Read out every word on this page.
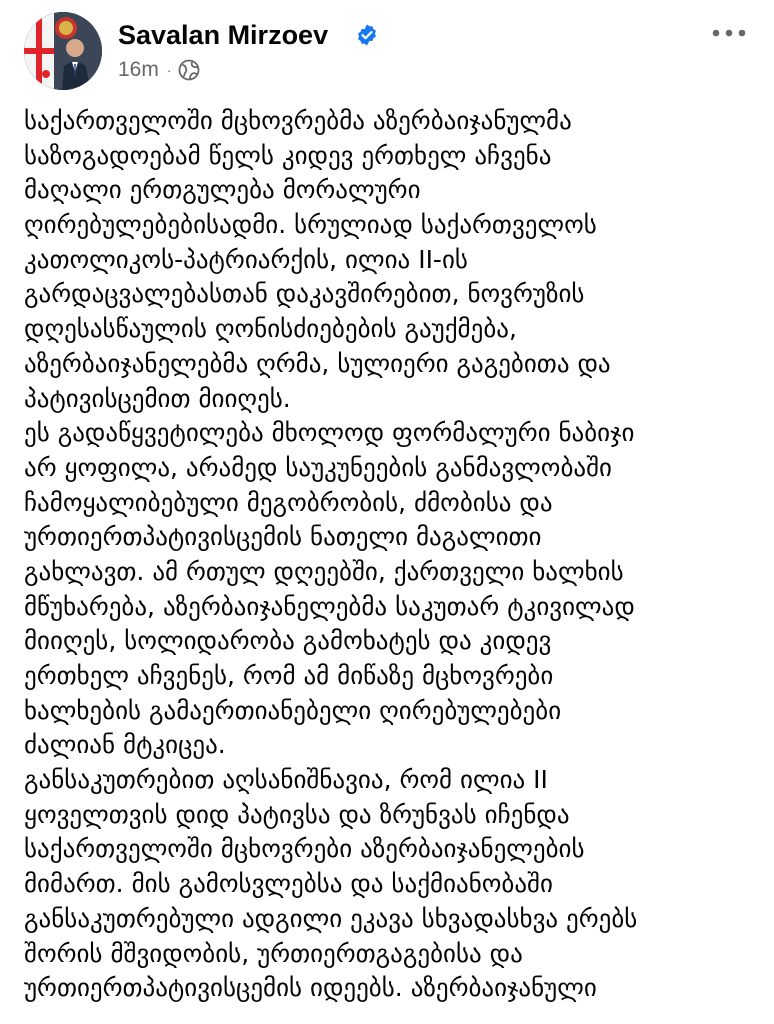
Savalan Mirzoev
16m ·
საქართველოში მცხოვრებმა აზერბაიჯანულმა
საზოგადოებამ წელს კიდევ ერთხელ აჩვენა
მაღალი ერთგულება მორალური
ღირებულებებისადმი. სრულიად საქართველოს
კათოლიკოს-პატრიარქის, ილია II-ის
გარდაცვალებასთან დაკავშირებით, ნოვრუზის
დღესასწაულის ღონისძიებების გაუქმება,
აზერბაიჯანელებმა ღრმა, სულიერი გაგებითა და
პატივისცემით მიიღეს.
ეს გადაწყვეტილება მხოლოდ ფორმალური ნაბიჯი
არ ყოფილა, არამედ საუკუნეების განმავლობაში
ჩამოყალიბებული მეგობრობის, ძმობისა და
ურთიერთპატივისცემის ნათელი მაგალითი
გახლავთ. ამ რთულ დღეებში, ქართველი ხალხის
მწუხარება, აზერბაიჯანელებმა საკუთარ ტკივილად
მიიღეს, სოლიდარობა გამოხატეს და კიდევ
ერთხელ აჩვენეს, რომ ამ მიწაზე მცხოვრები
ხალხების გამაერთიანებელი ღირებულებები
ძალიან მტკიცეა.
განსაკუთრებით აღსანიშნავია, რომ ილია II
ყოველთვის დიდ პატივსა და ზრუნვას იჩენდა
საქართველოში მცხოვრები აზერბაიჯანელების
მიმართ. მის გამოსვლებსა და საქმიანობაში
განსაკუთრებული ადგილი ეკავა სხვადასხვა ერებს
შორის მშვიდობის, ურთიერთგაგებისა და
ურთიერთპატივისცემის იდეებს. აზერბაიჯანული
